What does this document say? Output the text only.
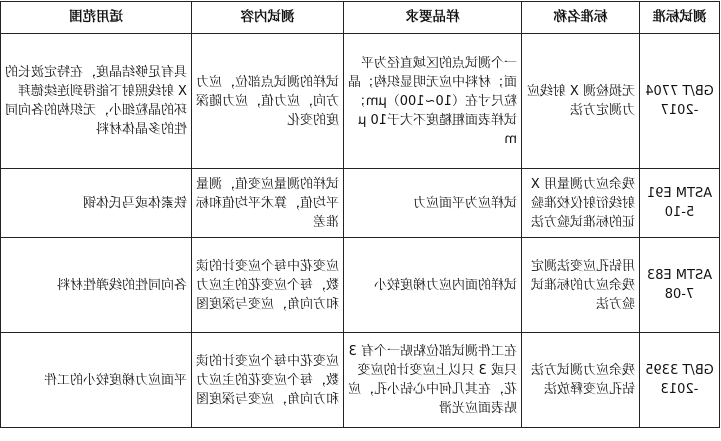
测试标准	标准名称	样品要求	测试内容	适用范围
GB/T 7704-2017	无损检测 X 射线应力测定方法	一个测试点的区域直径为平面；材料中应无明显织构；晶粒尺寸在（10~100）μm；试样表面粗糙度不大于10 μm	试样的测试点部位，应力方向，应力值，应力随深度的变化	具有足够结晶度，在特定波长的 X 射线照射下能得到连续德拜环的晶粒细小，无织构的各向同性的多晶体材料
ASTM E915-10	残余应力测量用 X 射线衍射仪校准验证的标准试验方法	试样应为平面应力	试样的测量应变值，测量平均值，算术平均值和标准差	铁素体或马氏体钢
ASTM E837-08	用钻孔应变法测定残余应力的标准试验方法	试样的面内应力梯度较小	应变花中每个应变计的读数，每个应变花的主应力和方向角，应变与深度图	各向同性的线弹性材料
GB/T 3395-2013	残余应力测试方法 钻孔应变释放法	在工件测试部位粘贴一个有 3 只或 3 只以上应变计的应变花，在其几何中心钻小孔，应贴表面应光滑	应变花中每个应变计的读数，每个应变花的主应力和方向角，应变与深度图	平面应力梯度较小的工件
